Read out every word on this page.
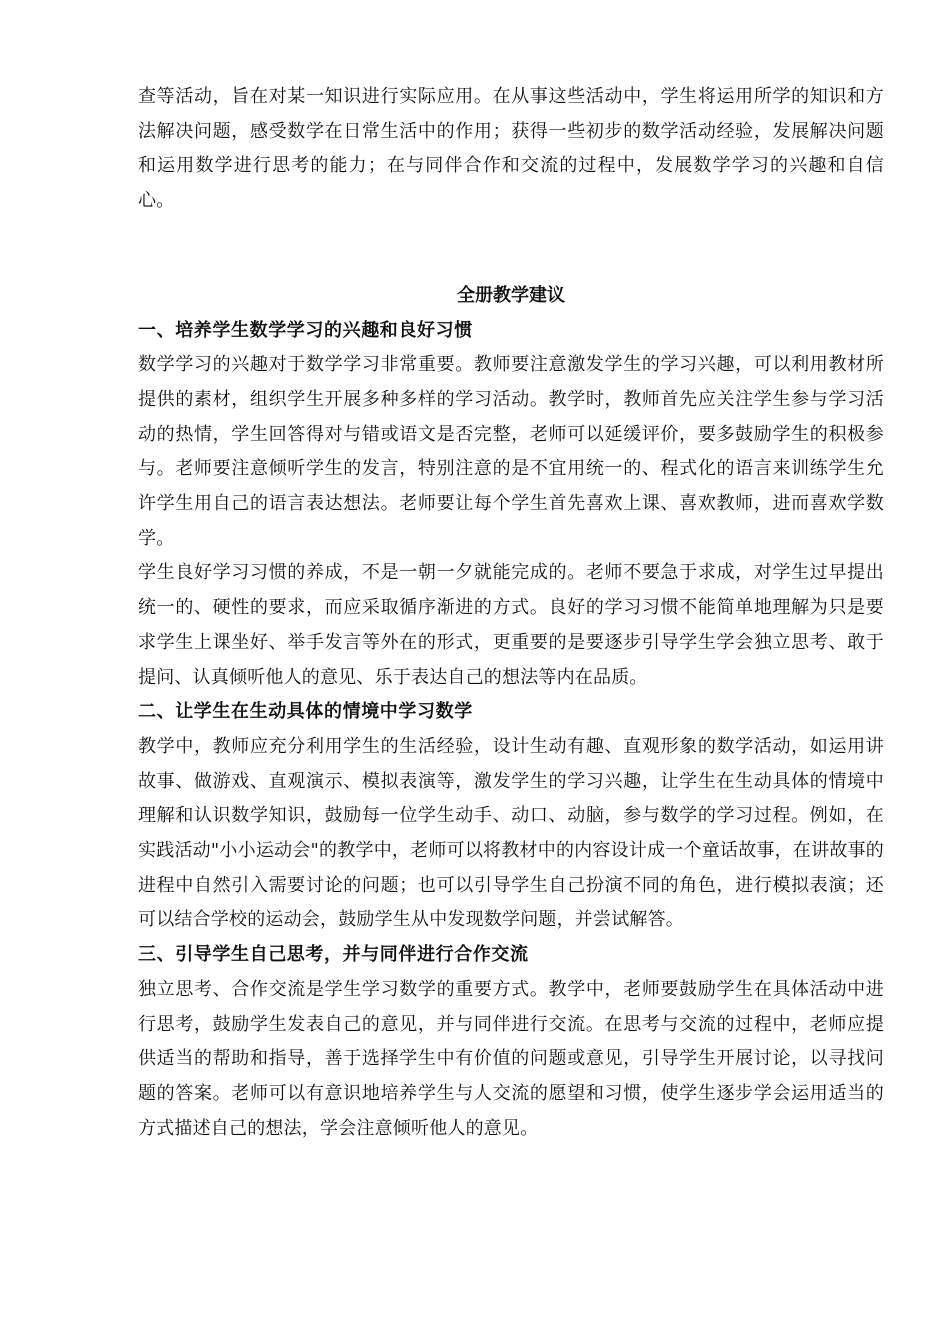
查等活动，旨在对某一知识进行实际应用。在从事这些活动中，学生将运用所学的知识和方法解决问题，感受数学在日常生活中的作用；获得一些初步的数学活动经验，发展解决问题和运用数学进行思考的能力；在与同伴合作和交流的过程中，发展数学学习的兴趣和自信心。

全册教学建议
一、培养学生数学学习的兴趣和良好习惯

数学学习的兴趣对于数学学习非常重要。教师要注意激发学生的学习兴趣，可以利用教材所提供的素材，组织学生开展多种多样的学习活动。教学时，教师首先应关注学生参与学习活动的热情，学生回答得对与错或语文是否完整，老师可以延缓评价，要多鼓励学生的积极参与。老师要注意倾听学生的发言，特别注意的是不宜用统一的、程式化的语言来训练学生允许学生用自己的语言表达想法。老师要让每个学生首先喜欢上课、喜欢教师，进而喜欢学数学。

学生良好学习习惯的养成，不是一朝一夕就能完成的。老师不要急于求成，对学生过早提出统一的、硬性的要求，而应采取循序渐进的方式。良好的学习习惯不能简单地理解为只是要求学生上课坐好、举手发言等外在的形式，更重要的是要逐步引导学生学会独立思考、敢于提问、认真倾听他人的意见、乐于表达自己的想法等内在品质。

二、让学生在生动具体的情境中学习数学

教学中，教师应充分利用学生的生活经验，设计生动有趣、直观形象的数学活动，如运用讲故事、做游戏、直观演示、模拟表演等，激发学生的学习兴趣，让学生在生动具体的情境中理解和认识数学知识，鼓励每一位学生动手、动口、动脑，参与数学的学习过程。例如，在实践活动"小小运动会"的教学中，老师可以将教材中的内容设计成一个童话故事，在讲故事的进程中自然引入需要讨论的问题；也可以引导学生自己扮演不同的角色，进行模拟表演；还可以结合学校的运动会，鼓励学生从中发现数学问题，并尝试解答。

三、引导学生自己思考，并与同伴进行合作交流

独立思考、合作交流是学生学习数学的重要方式。教学中，老师要鼓励学生在具体活动中进行思考，鼓励学生发表自己的意见，并与同伴进行交流。在思考与交流的过程中，老师应提供适当的帮助和指导，善于选择学生中有价值的问题或意见，引导学生开展讨论，以寻找问题的答案。老师可以有意识地培养学生与人交流的愿望和习惯，使学生逐步学会运用适当的方式描述自己的想法，学会注意倾听他人的意见。
